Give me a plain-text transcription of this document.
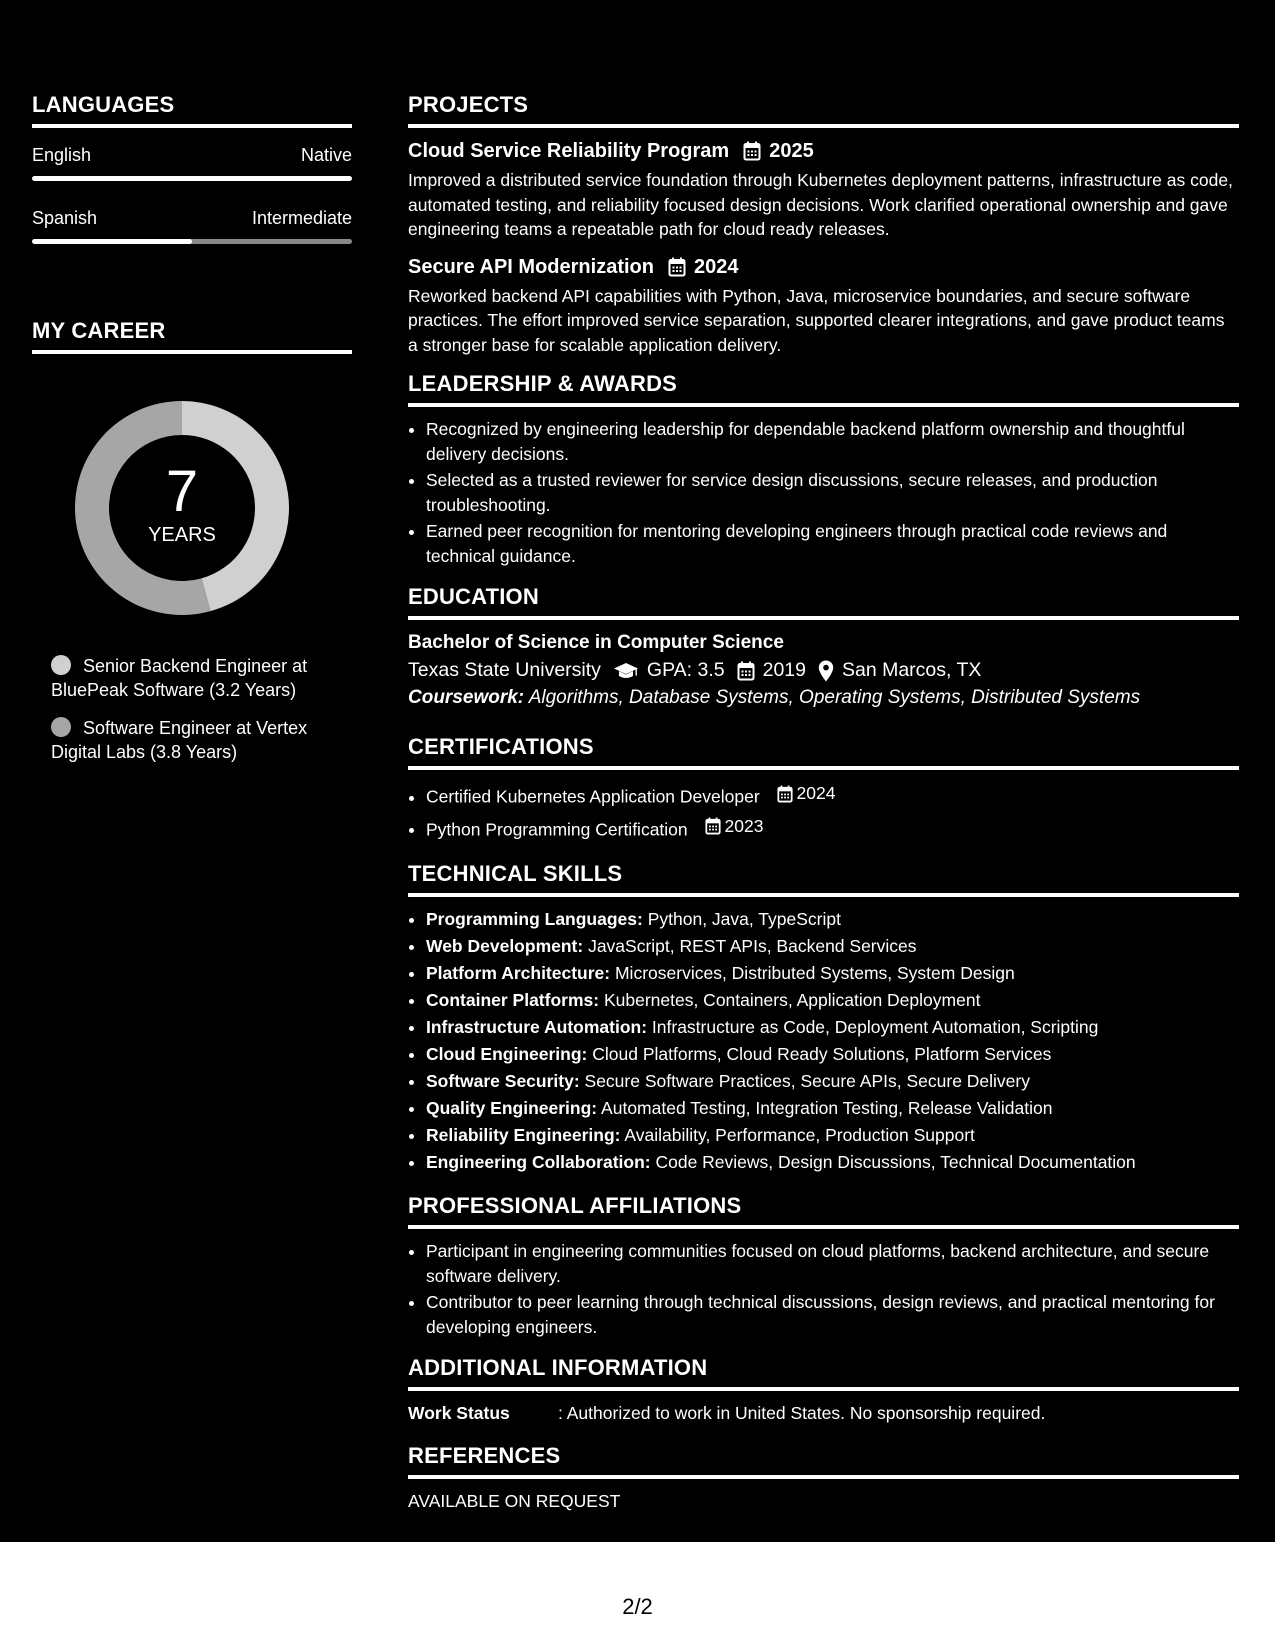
LANGUAGES
English	Native
Spanish	Intermediate
MY CAREER
7
YEARS
Senior Backend Engineer at BluePeak Software (3.2 Years)
Software Engineer at Vertex Digital Labs (3.8 Years)
PROJECTS
Cloud Service Reliability Program 2025
Improved a distributed service foundation through Kubernetes deployment patterns, infrastructure as code, automated testing, and reliability focused design decisions. Work clarified operational ownership and gave engineering teams a repeatable path for cloud ready releases.
Secure API Modernization 2024
Reworked backend API capabilities with Python, Java, microservice boundaries, and secure software practices. The effort improved service separation, supported clearer integrations, and gave product teams a stronger base for scalable application delivery.
LEADERSHIP & AWARDS
• Recognized by engineering leadership for dependable backend platform ownership and thoughtful delivery decisions.
• Selected as a trusted reviewer for service design discussions, secure releases, and production troubleshooting.
• Earned peer recognition for mentoring developing engineers through practical code reviews and technical guidance.
EDUCATION
Bachelor of Science in Computer Science
Texas State University GPA: 3.5 2019 San Marcos, TX
Coursework: Algorithms, Database Systems, Operating Systems, Distributed Systems
CERTIFICATIONS
• Certified Kubernetes Application Developer 2024
• Python Programming Certification 2023
TECHNICAL SKILLS
• Programming Languages: Python, Java, TypeScript
• Web Development: JavaScript, REST APIs, Backend Services
• Platform Architecture: Microservices, Distributed Systems, System Design
• Container Platforms: Kubernetes, Containers, Application Deployment
• Infrastructure Automation: Infrastructure as Code, Deployment Automation, Scripting
• Cloud Engineering: Cloud Platforms, Cloud Ready Solutions, Platform Services
• Software Security: Secure Software Practices, Secure APIs, Secure Delivery
• Quality Engineering: Automated Testing, Integration Testing, Release Validation
• Reliability Engineering: Availability, Performance, Production Support
• Engineering Collaboration: Code Reviews, Design Discussions, Technical Documentation
PROFESSIONAL AFFILIATIONS
• Participant in engineering communities focused on cloud platforms, backend architecture, and secure software delivery.
• Contributor to peer learning through technical discussions, design reviews, and practical mentoring for developing engineers.
ADDITIONAL INFORMATION
Work Status	: Authorized to work in United States. No sponsorship required.
REFERENCES
AVAILABLE ON REQUEST
2/2
